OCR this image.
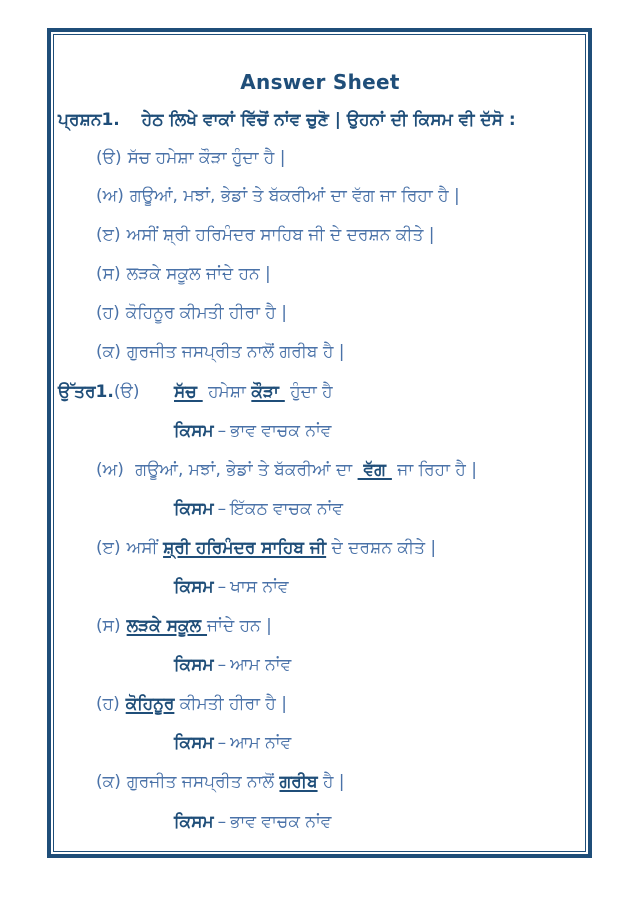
Answer Sheet
ਪ੍ਰਸ਼ਨ1. ਹੇਠ ਲਿਖੇ ਵਾਕਾਂ ਵਿੱਚੋਂ ਨਾਂਵ ਚੁਣੋ | ਉਹਨਾਂ ਦੀ ਕਿਸਮ ਵੀ ਦੱਸੋ :
(ੳ) ਸੱਚ ਹਮੇਸ਼ਾ ਕੌੜਾ ਹੁੰਦਾ ਹੈ |
(ਅ) ਗਊਆਂ, ਮਝਾਂ, ਭੇਡਾਂ ਤੇ ਬੱਕਰੀਆਂ ਦਾ ਵੱਗ ਜਾ ਰਿਹਾ ਹੈ |
(ੲ) ਅਸੀਂ ਸ਼੍ਰੀ ਹਰਿਮੰਦਰ ਸਾਹਿਬ ਜੀ ਦੇ ਦਰਸ਼ਨ ਕੀਤੇ |
(ਸ) ਲੜਕੇ ਸਕੂਲ ਜਾਂਦੇ ਹਨ |
(ਹ) ਕੋਹਿਨੂਰ ਕੀਮਤੀ ਹੀਰਾ ਹੈ |
(ਕ) ਗੁਰਜੀਤ ਜਸਪ੍ਰੀਤ ਨਾਲੋਂ ਗਰੀਬ ਹੈ |
ਉੱਤਰ1.(ੳ)	ਸੱਚ  ਹਮੇਸ਼ਾ ਕੌੜਾ  ਹੁੰਦਾ ਹੈ
ਕਿਸਮ – ਭਾਵ ਵਾਚਕ ਨਾਂਵ
(ਅ) ਗਊਆਂ, ਮਝਾਂ, ਭੇਡਾਂ ਤੇ ਬੱਕਰੀਆਂ ਦਾ  ਵੱਗ  ਜਾ ਰਿਹਾ ਹੈ |
ਕਿਸਮ – ਇੱਕਠ ਵਾਚਕ ਨਾਂਵ
(ੲ) ਅਸੀਂ ਸ਼੍ਰੀ ਹਰਿਮੰਦਰ ਸਾਹਿਬ ਜੀ ਦੇ ਦਰਸ਼ਨ ਕੀਤੇ |
ਕਿਸਮ – ਖਾਸ ਨਾਂਵ
(ਸ) ਲੜਕੇ ਸਕੂਲ ਜਾਂਦੇ ਹਨ |
ਕਿਸਮ – ਆਮ ਨਾਂਵ
(ਹ) ਕੋਹਿਨੂਰ ਕੀਮਤੀ ਹੀਰਾ ਹੈ |
ਕਿਸਮ – ਆਮ ਨਾਂਵ
(ਕ) ਗੁਰਜੀਤ ਜਸਪ੍ਰੀਤ ਨਾਲੋਂ ਗਰੀਬ ਹੈ |
ਕਿਸਮ – ਭਾਵ ਵਾਚਕ ਨਾਂਵ
